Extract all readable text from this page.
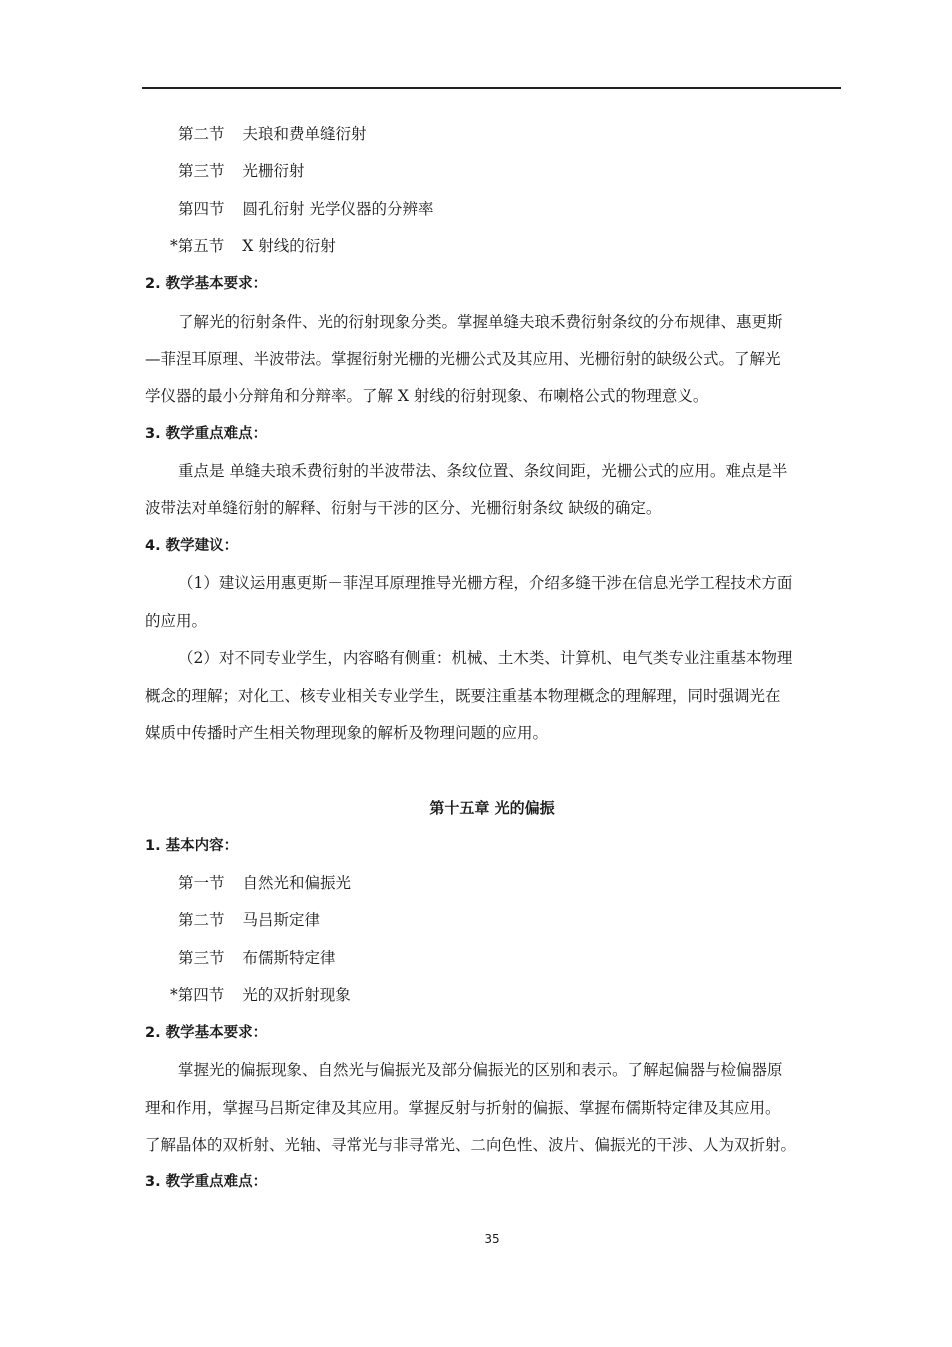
第二节 夫琅和费单缝衍射
第三节 光栅衍射
第四节 圆孔衍射 光学仪器的分辨率
*第五节 X 射线的衍射
2. 教学基本要求：
了解光的衍射条件、光的衍射现象分类。掌握单缝夫琅禾费衍射条纹的分布规律、惠更斯
—菲涅耳原理、半波带法。掌握衍射光栅的光栅公式及其应用、光栅衍射的缺级公式。了解光
学仪器的最小分辩角和分辩率。了解 X 射线的衍射现象、布喇格公式的物理意义。
3. 教学重点难点：
重点是 单缝夫琅禾费衍射的半波带法、条纹位置、条纹间距，光栅公式的应用。难点是半
波带法对单缝衍射的解释、衍射与干涉的区分、光栅衍射条纹 缺级的确定。
4. 教学建议：
（1）建议运用惠更斯－菲涅耳原理推导光栅方程，介绍多缝干涉在信息光学工程技术方面
的应用。
（2）对不同专业学生，内容略有侧重：机械、土木类、计算机、电气类专业注重基本物理
概念的理解；对化工、核专业相关专业学生，既要注重基本物理概念的理解理，同时强调光在
媒质中传播时产生相关物理现象的解析及物理问题的应用。
第十五章 光的偏振
1. 基本内容：
第一节 自然光和偏振光
第二节 马吕斯定律
第三节 布儒斯特定律
*第四节 光的双折射现象
2. 教学基本要求：
掌握光的偏振现象、自然光与偏振光及部分偏振光的区别和表示。了解起偏器与检偏器原
理和作用，掌握马吕斯定律及其应用。掌握反射与折射的偏振、掌握布儒斯特定律及其应用。
了解晶体的双析射、光轴、寻常光与非寻常光、二向色性、波片、偏振光的干涉、人为双折射。
3. 教学重点难点：
35
